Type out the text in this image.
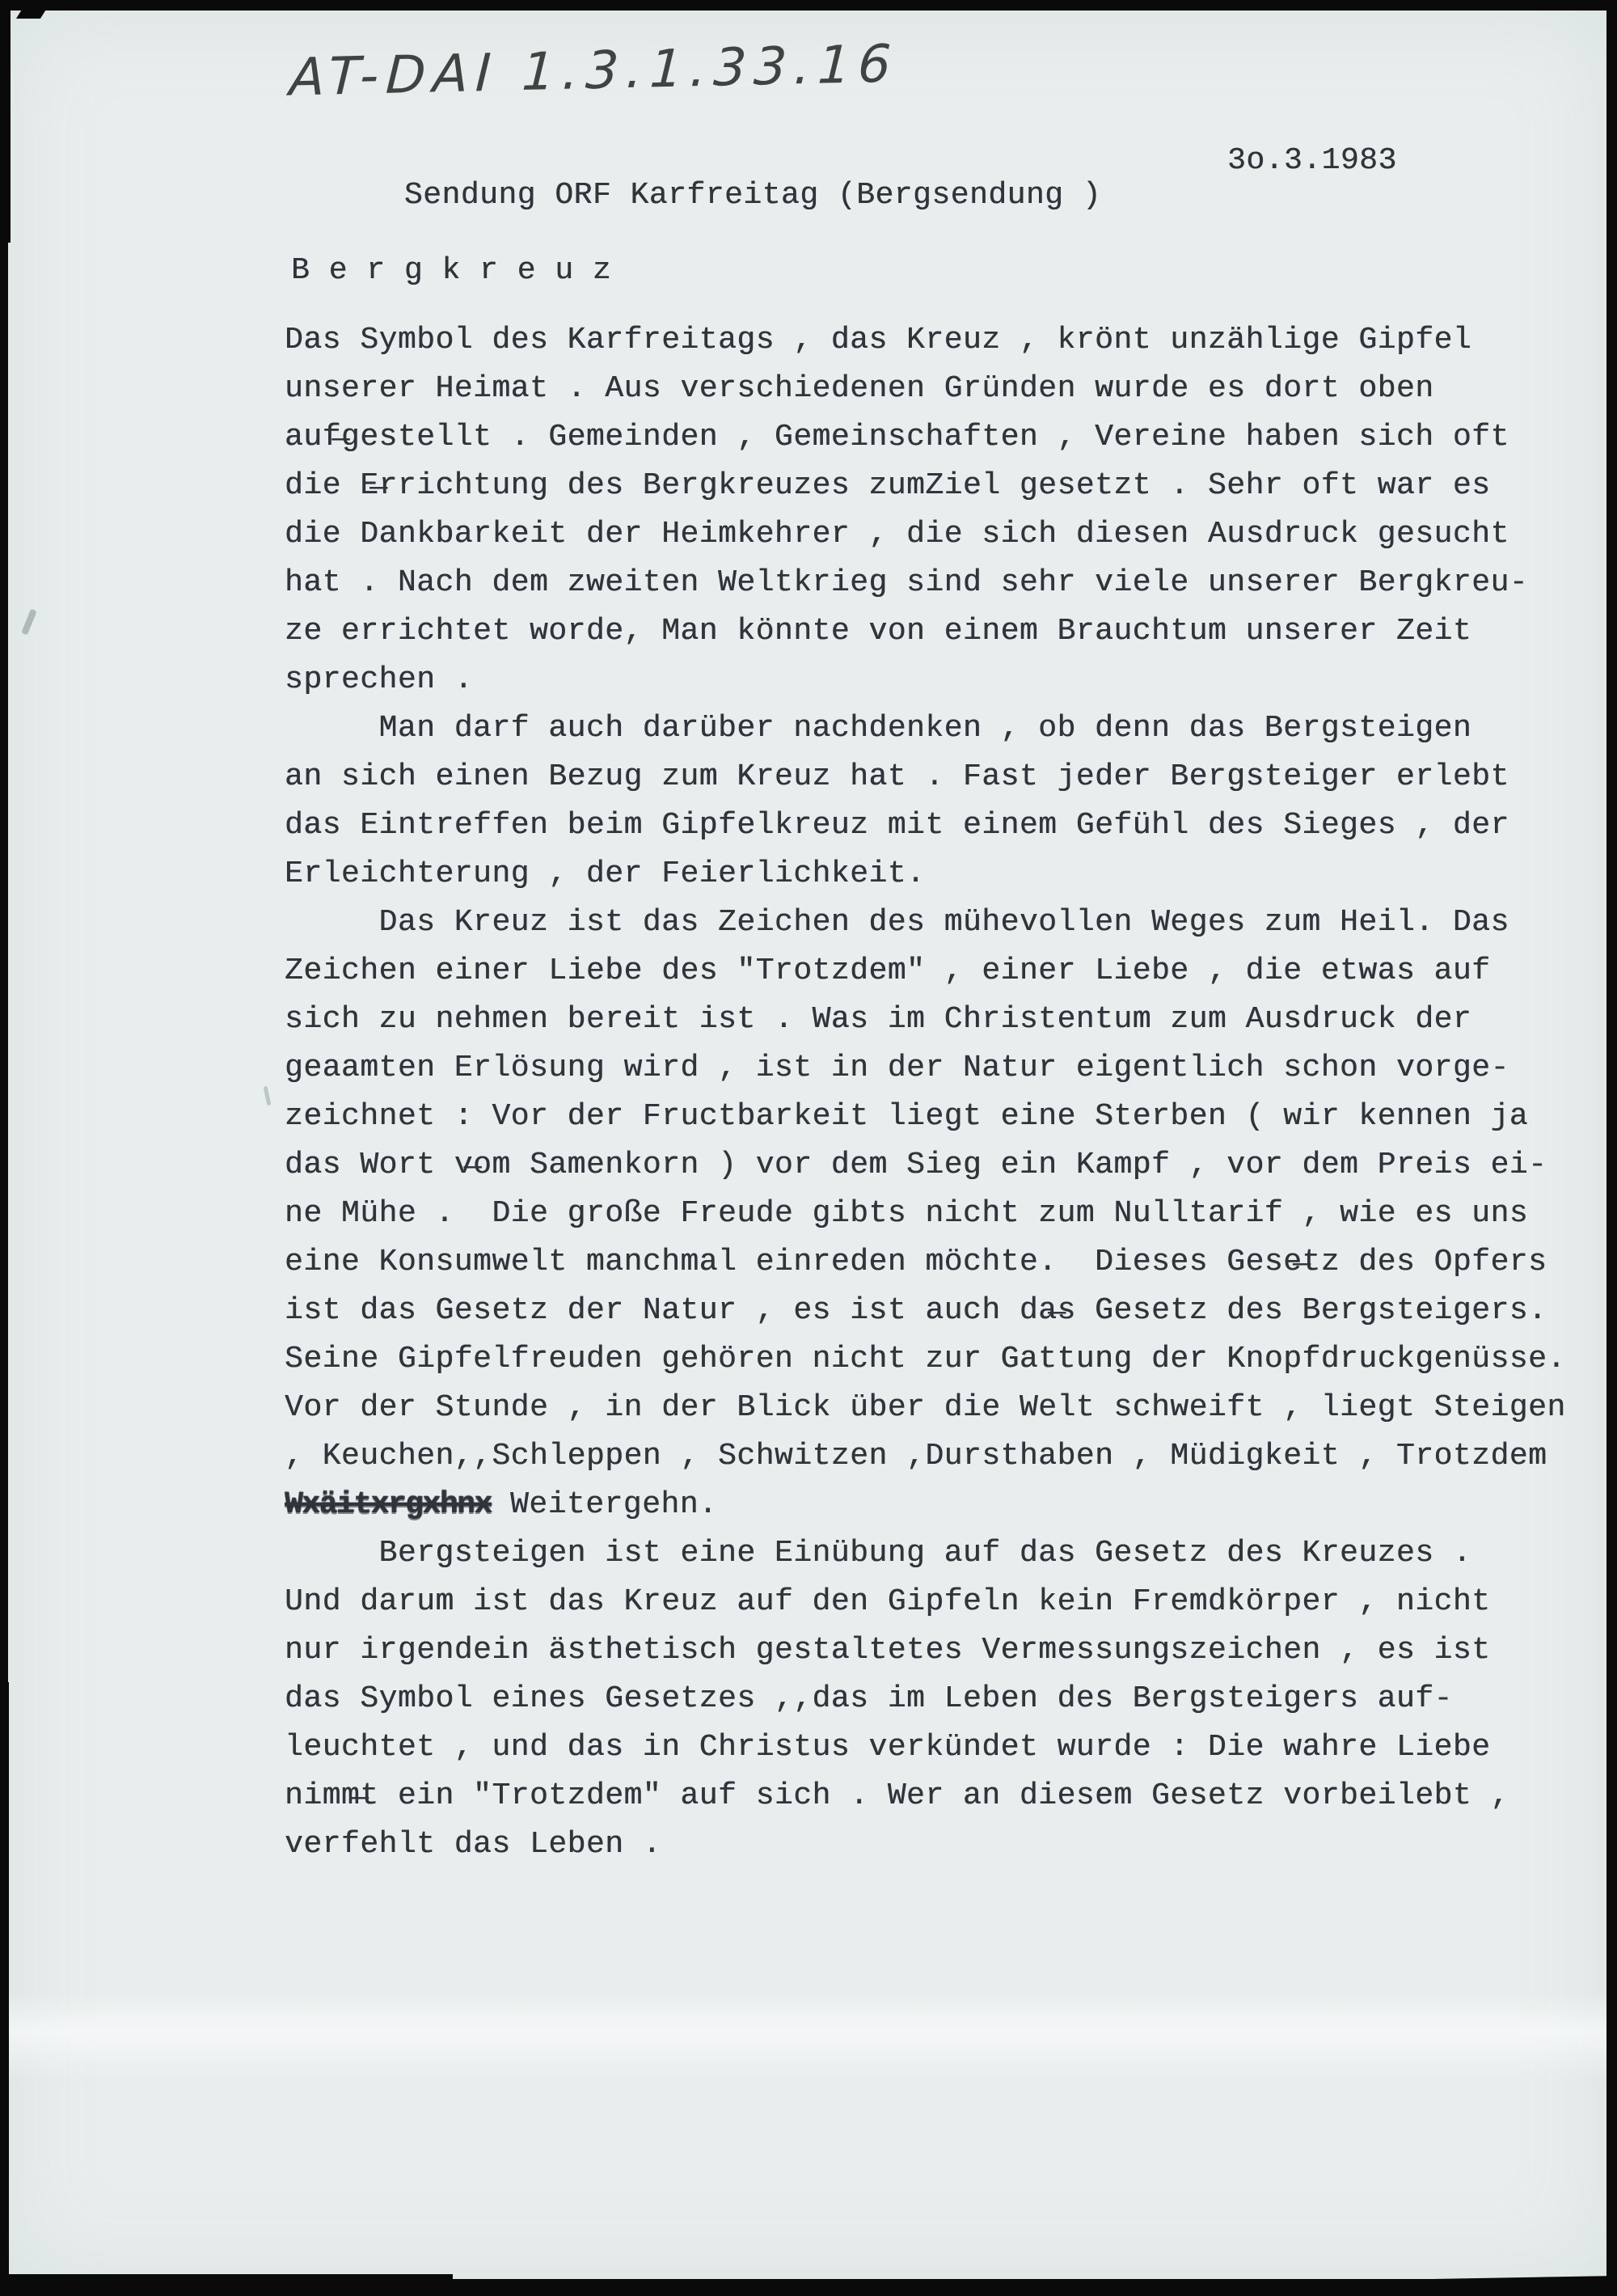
AT-DAI 1.3.1.33.16

Sendung ORF Karfreitag (Bergsendung )

3o.3.1983

B e r g k r e u z
Das Symbol des Karfreitags , das Kreuz , krönt unzählige Gipfel
unserer Heimat . Aus verschiedenen Gründen wurde es dort oben
auf̶gestellt . Gemeinden , Gemeinschaften , Vereine haben sich oft
die E̶rrichtung des Bergkreuzes zumZiel gesetzt . Sehr oft war es
die Dankbarkeit der Heimkehrer , die sich diesen Ausdruck gesucht
hat . Nach dem zweiten Weltkrieg sind sehr viele unserer Bergkreu-
ze errichtet worde, Man könnte von einem Brauchtum unserer Zeit
sprechen .
Man darf auch darüber nachdenken , ob denn das Bergsteigen
an sich einen Bezug zum Kreuz hat . Fast jeder Bergsteiger erlebt
das Eintreffen beim Gipfelkreuz mit einem Gefühl des Sieges , der
Erleichterung , der Feierlichkeit.
Das Kreuz ist das Zeichen des mühevollen Weges zum Heil. Das
Zeichen einer Liebe des "Trotzdem" , einer Liebe , die etwas auf
sich zu nehmen bereit ist . Was im Christentum zum Ausdruck der
geaamten Erlösung wird , ist in der Natur eigentlich schon vorge-
zeichnet : Vor der Fructbarkeit liegt eine Sterben ( wir kennen ja
das Wort v̶om Samenkorn ) vor dem Sieg ein Kampf , vor dem Preis ei-
ne Mühe .  Die große Freude gibts nicht zum Nulltarif , wie es uns
eine Konsumwelt manchmal einreden möchte.  Dieses Gese̶tz des Opfers
ist das Gesetz der Natur , es ist auch da̶s Gesetz des Bergsteigers.
Seine Gipfelfreuden gehören nicht zur Gattung der Knopfdruckgenüsse.
Vor der Stunde , in der Blick über die Welt schweift , liegt Steigen
, Keuchen,,Schleppen , Schwitzen ,Dursthaben , Müdigkeit , Trotzdem
Wxäitxrgxhnx Weitergehn.
Bergsteigen ist eine Einübung auf das Gesetz des Kreuzes .
Und darum ist das Kreuz auf den Gipfeln kein Fremdkörper , nicht
nur irgendein ästhetisch gestaltetes Vermessungszeichen , es ist
das Symbol eines Gesetzes ,,das im Leben des Bergsteigers auf-
leuchtet , und das in Christus verkündet wurde : Die wahre Liebe
nimm̶t ein "Trotzdem" auf sich . Wer an diesem Gesetz vorbeilebt ,
verfehlt das Leben .
